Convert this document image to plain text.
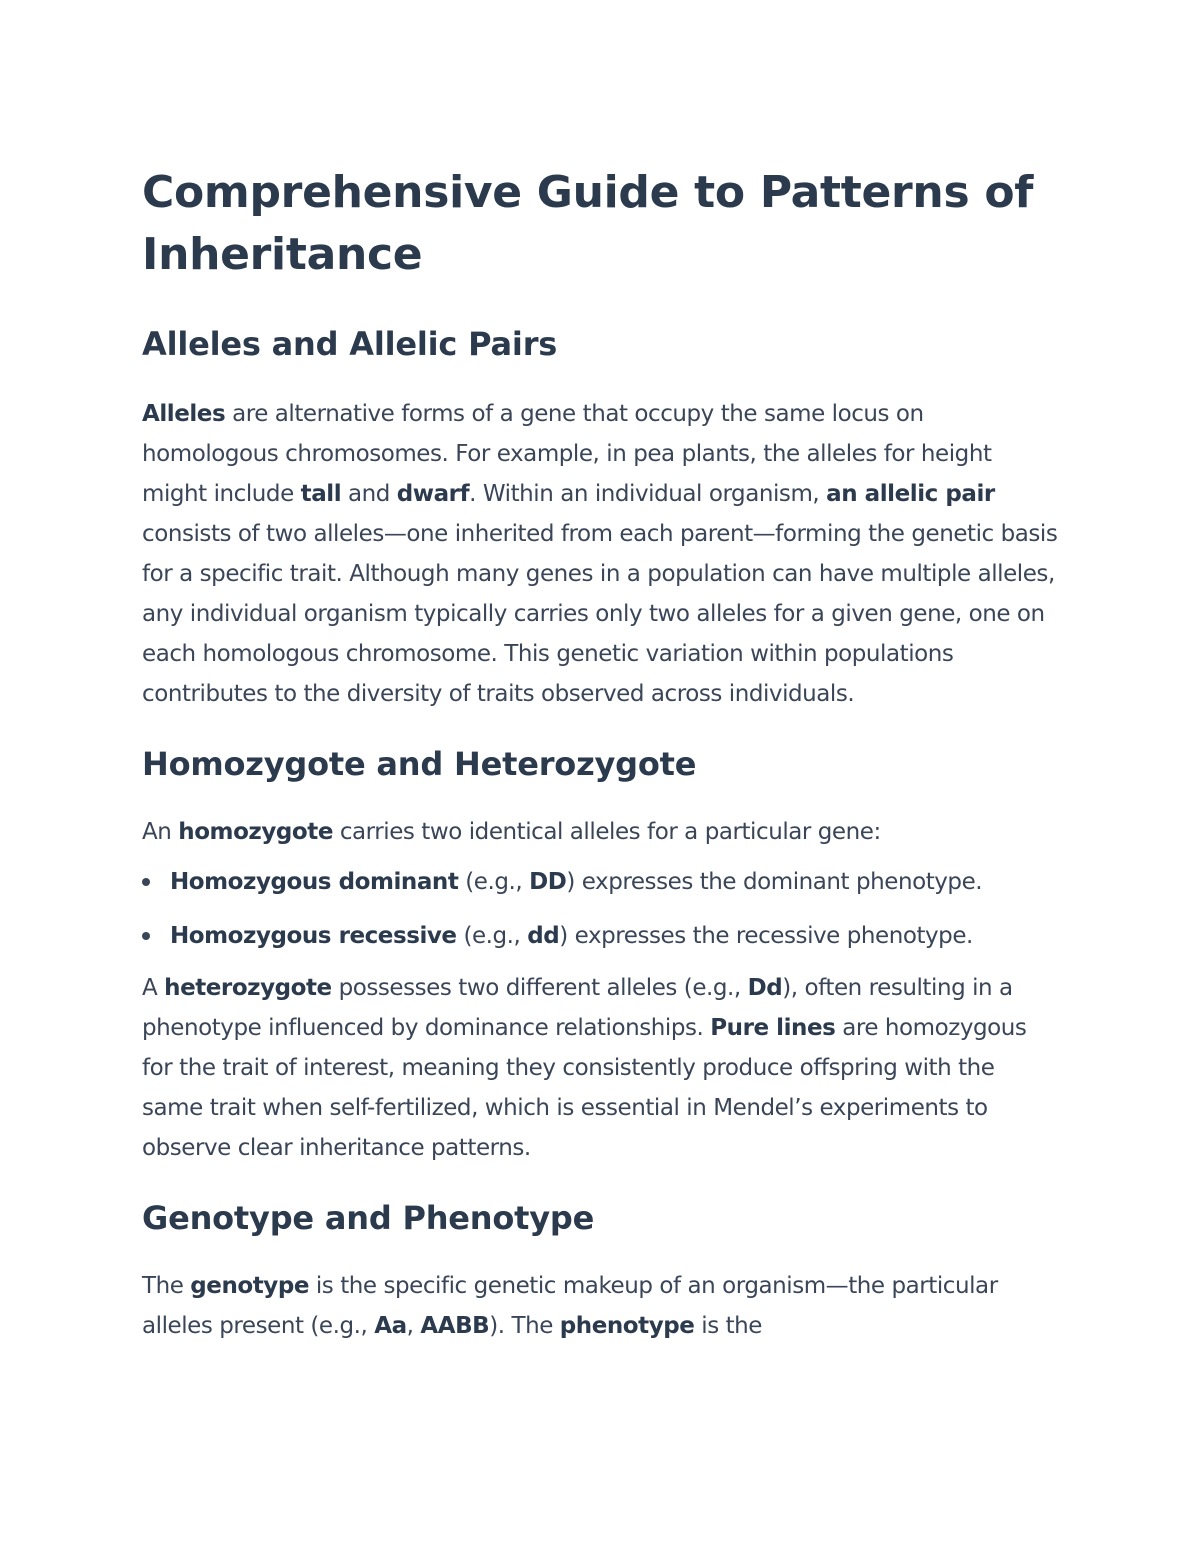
Comprehensive Guide to Patterns of Inheritance
Alleles and Allelic Pairs

Alleles are alternative forms of a gene that occupy the same locus on homologous chromosomes. For example, in pea plants, the alleles for height might include tall and dwarf. Within an individual organism, an allelic pair consists of two alleles—one inherited from each parent—forming the genetic basis for a specific trait. Although many genes in a population can have multiple alleles, any individual organism typically carries only two alleles for a given gene, one on each homologous chromosome. This genetic variation within populations contributes to the diversity of traits observed across individuals.

Homozygote and Heterozygote

An homozygote carries two identical alleles for a particular gene:

Homozygous dominant (e.g., DD) expresses the dominant phenotype.
Homozygous recessive (e.g., dd) expresses the recessive phenotype.

A heterozygote possesses two different alleles (e.g., Dd), often resulting in a phenotype influenced by dominance relationships. Pure lines are homozygous for the trait of interest, meaning they consistently produce offspring with the same trait when self-fertilized, which is essential in Mendel’s experiments to observe clear inheritance patterns.

Genotype and Phenotype

The genotype is the specific genetic makeup of an organism—the particular alleles present (e.g., Aa, AABB). The phenotype is the
